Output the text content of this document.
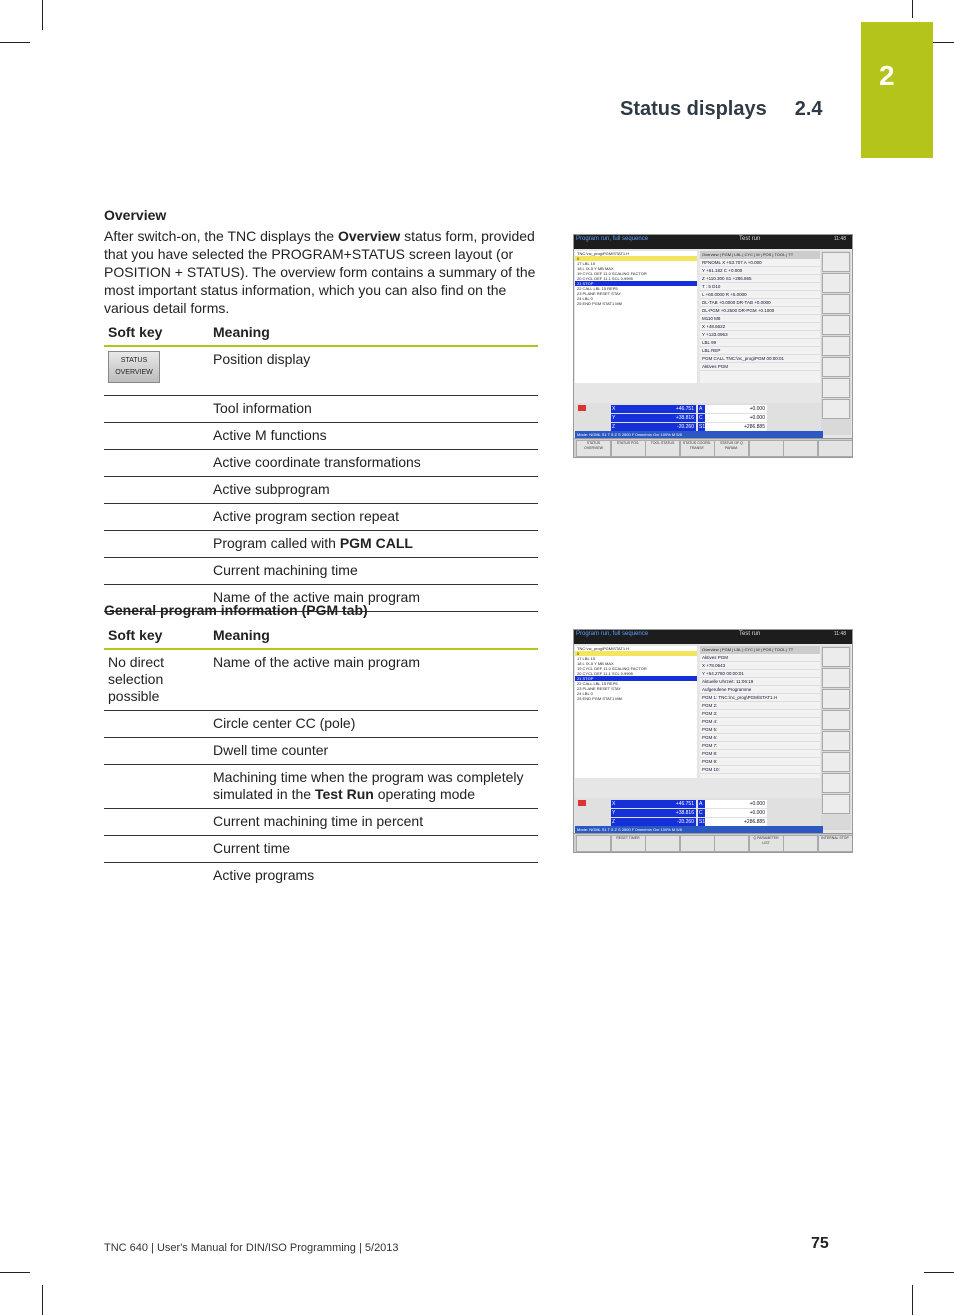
2
Status displays 2.4
Overview
After switch-on, the TNC displays the Overview status form, provided that you have selected the PROGRAM+STATUS screen layout (or POSITION + STATUS). The overview form contains a summary of the most important status information, which you can also find on the various detail forms.
Soft key	Meaning

STATUS
OVERVIEW	Position display
	Tool information
	Active M functions
	Active coordinate transformations
	Active subprogram
	Active program section repeat
	Program called with PGM CALL
	Current machining time
	Name of the active main program
General program information (PGM tab)
Soft key	Meaning
No direct selection possible	Name of the active main program
	Circle center CC (pole)
	Dwell time counter
	Machining time when the program was completely simulated in the Test Run operating mode
	Current machining time in percent
	Current time
	Active programs
Program run, full sequence	Test run	11:48
TNC:\nc_prog\PGM\STAT1.H
0
17 LBL 15
18 L IX-5 Y MB MAX
19 CYCL DEF 11.0 SCALING FACTOR
20 CYCL DEF 11.1 SCL 0.9995
21 STOP
22 CALL LBL 15 REP5
23 PLANE RESET STAY
24 LBL 0
25 END PGM STAT1 MM
Overview | PGM | LBL | CYC | M | POS | TOOL | TT
RFNOML X +53.707 A +0.000
Y +61.182 C +0.000
Z +110.300 S1 +286.865
T : 5 D10
L +60.0000 R +5.0000
DL-TAB +0.0000 DR-TAB +0.0000
DL-PGM +0.2500 DR-PGM +0.1000
M110 M8
X +48.6622
Y +133.0963
LBL 99
LBL REP
PGM CALL TNC:\nc_prog\PGM 00:00:01
Aktives PGM
X	+46.751 A	+0.000
Y	+38.816 C	+0.000
Z	-20.260 S1	+286.885
Mode: NOML S1 T 5 Z S 2500 F 0mm/min Ovr 100% M 5/8
STATUS OVERVIEW
STATUS POS.	TOOL STATUS	STATUS COORD. TRANSF.
STATUS OF Q PARAM.
Program run, full sequence	Test run	11:48
TNC:\nc_prog\PGM\STAT1.H
0
17 LBL 15
18 L IX-5 Y MB MAX
19 CYCL DEF 11.0 SCALING FACTOR
20 CYCL DEF 11.1 SCL 0.9995
21 STOP
22 CALL LBL 15 REP5
23 PLANE RESET STAY
24 LBL 0
25 END PGM STAT1 MM
Overview | PGM | LBL | CYC | M | POS | TOOL | TT
Aktives PGM
X +78.0643
Y +64.2780 00:00:01
Aktuelle Uhrzeit: 11:06:19
Aufgerufene Programme
PGM 1: TNC:\nc_prog\PGM\STAT1.H
PGM 2:
PGM 3:
PGM 4:
PGM 5:
PGM 6:
PGM 7:
PGM 8:
PGM 9:
PGM 10:
X	+46.751 A	+0.000
Y	+38.816 C	+0.000
Z	-20.260 S1	+286.885
Mode: NOML S1 T 5 Z S 2500 F 0mm/min Ovr 100% M 5/8
RESET TIMER	Q PARAMETER LIST
INTERNAL STOP
TNC 640 | User's Manual for DIN/ISO Programming | 5/2013	75
